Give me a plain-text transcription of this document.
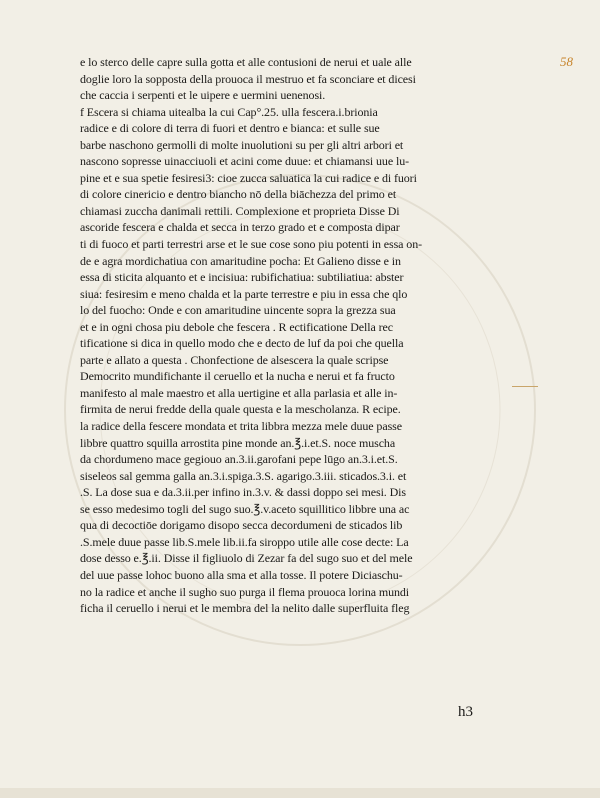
58
e lo sterco delle capre sulla gotta et alle contusioni de nerui et uale alle
doglie loro la sopposta della prouoca il mestruo et fa sconciare et dicesi
che caccia i serpenti et le uipere e uermini uenenosi.
f Escera si chiama uitealba la cui Cap°.25. ulla fescera.i.brionia
radice e di colore di terra di fuori et dentro e bianca: et sulle sue
barbe naschono germolli di molte inuolutioni su per gli altri arbori et
nascono sopresse uinacciuoli et acini come duue: et chiamansi uue lu-
pine et e sua spetie fesiresi3: cioe zucca saluatica la cui radice e di fuori
di colore cinericio e dentro biancho nō della biāchezza del primo et
chiamasi zuccha danimali rettili. Complexione et proprieta Disse Di
ascoride fescera e chalda et secca in terzo grado et e composta dipar
ti di fuoco et parti terrestri arse et le sue cose sono piu potenti in essa on-
de e agra mordichatiua con amaritudine pocha: Et Galieno disse e in
essa di sticita alquanto et e incisiua: rubifichatiua: subtiliatiua: abster
siua: fesiresim e meno chalda et la parte terrestre e piu in essa che qlo
lo del fuocho: Onde e con amaritudine uincente sopra la grezza sua
et e in ogni chosa piu debole che fescera . R ectificatione Della rec
tificatione si dica in quello modo che e decto de luf da poi che quella
parte e allato a questa . Chonfectione de alsescera la quale scripse
Democrito mundifichante il ceruello et la nucha e nerui et fa fructo
manifesto al male maestro et alla uertigine et alla parlasia et alle in-
firmita de nerui fredde della quale questa e la mescholanza. R ecipe.
la radice della fescere mondata et trita libbra mezza mele duue passe
libbre quattro squilla arrostita pine monde an.℥.i.et.S. noce muscha
da chordumeno mace gegiouo an.3.ii.garofani pepe lūgo an.3.i.et.S.
siseleos sal gemma galla an.3.i.spiga.3.S. agarigo.3.iii. sticados.3.i. et
.S. La dose sua e da.3.ii.per infino in.3.v. & dassi doppo sei mesi. Dis
se esso medesimo togli del sugo suo.℥.v.aceto squillitico libbre una ac
qua di decoctiōe dorigamo disopo secca decordumeni de sticados lib
.S.mele duue passe lib.S.mele lib.ii.fa siroppo utile alle cose decte: La
dose desso e.℥.ii. Disse il figliuolo di Zezar fa del sugo suo et del mele
del uue passe lohoc buono alla sma et alla tosse. Il potere Diciaschu-
no la radice et anche il sugho suo purga il flema prouoca lorina mundi
ficha il ceruello i nerui et le membra del la nelito dalle superfluita fleg
h3
